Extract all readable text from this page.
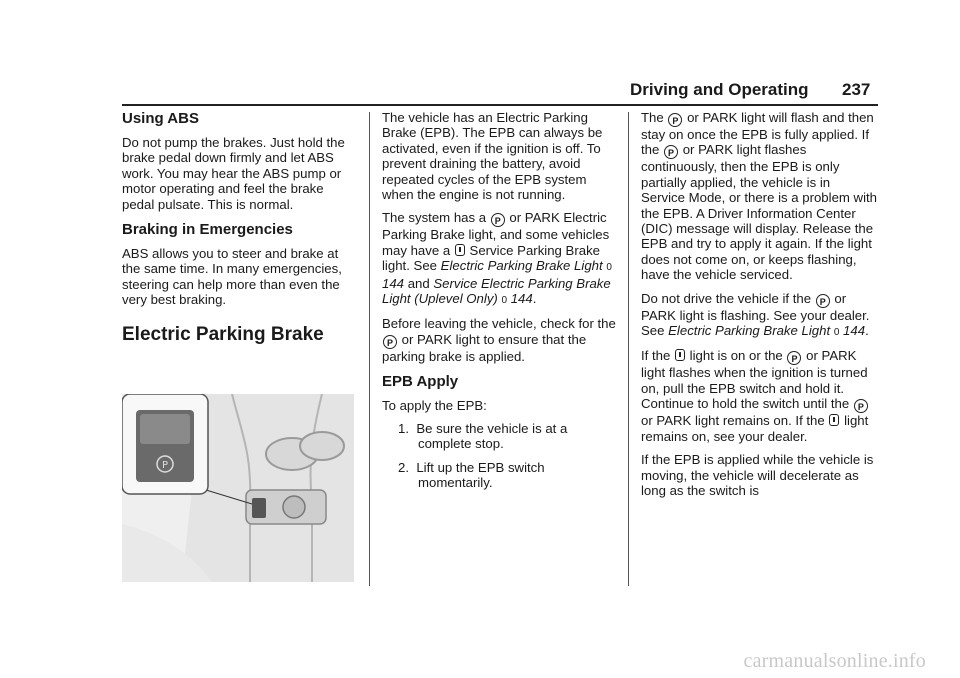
Driving and Operating 237
Using ABS

Do not pump the brakes. Just hold the brake pedal down firmly and let ABS work. You may hear the ABS pump or motor operating and feel the brake pedal pulsate. This is normal.

Braking in Emergencies

ABS allows you to steer and brake at the same time. In many emergencies, steering can help more than even the very best braking.

Electric Parking Brake
P

The vehicle has an Electric Parking Brake (EPB). The EPB can always be activated, even if the ignition is off. To prevent draining the battery, avoid repeated cycles of the EPB system when the engine is not running.

The system has a P or PARK Electric Parking Brake light, and some vehicles may have a Service Parking Brake light. See Electric Parking Brake Light 0 144 and Service Electric Parking Brake Light (Uplevel Only) 0 144.

Before leaving the vehicle, check for the P or PARK light to ensure that the parking brake is applied.

EPB Apply

To apply the EPB:

1. Be sure the vehicle is at a complete stop.
2. Lift up the EPB switch momentarily.

The P or PARK light will flash and then stay on once the EPB is fully applied. If the P or PARK light flashes continuously, then the EPB is only partially applied, the vehicle is in Service Mode, or there is a problem with the EPB. A Driver Information Center (DIC) message will display. Release the EPB and try to apply it again. If the light does not come on, or keeps flashing, have the vehicle serviced.

Do not drive the vehicle if the P or PARK light is flashing. See your dealer. See Electric Parking Brake Light 0 144.

If the light is on or the P or PARK light flashes when the ignition is turned on, pull the EPB switch and hold it. Continue to hold the switch until the P or PARK light remains on. If the light remains on, see your dealer.

If the EPB is applied while the vehicle is moving, the vehicle will decelerate as long as the switch is

carmanualsonline.info
